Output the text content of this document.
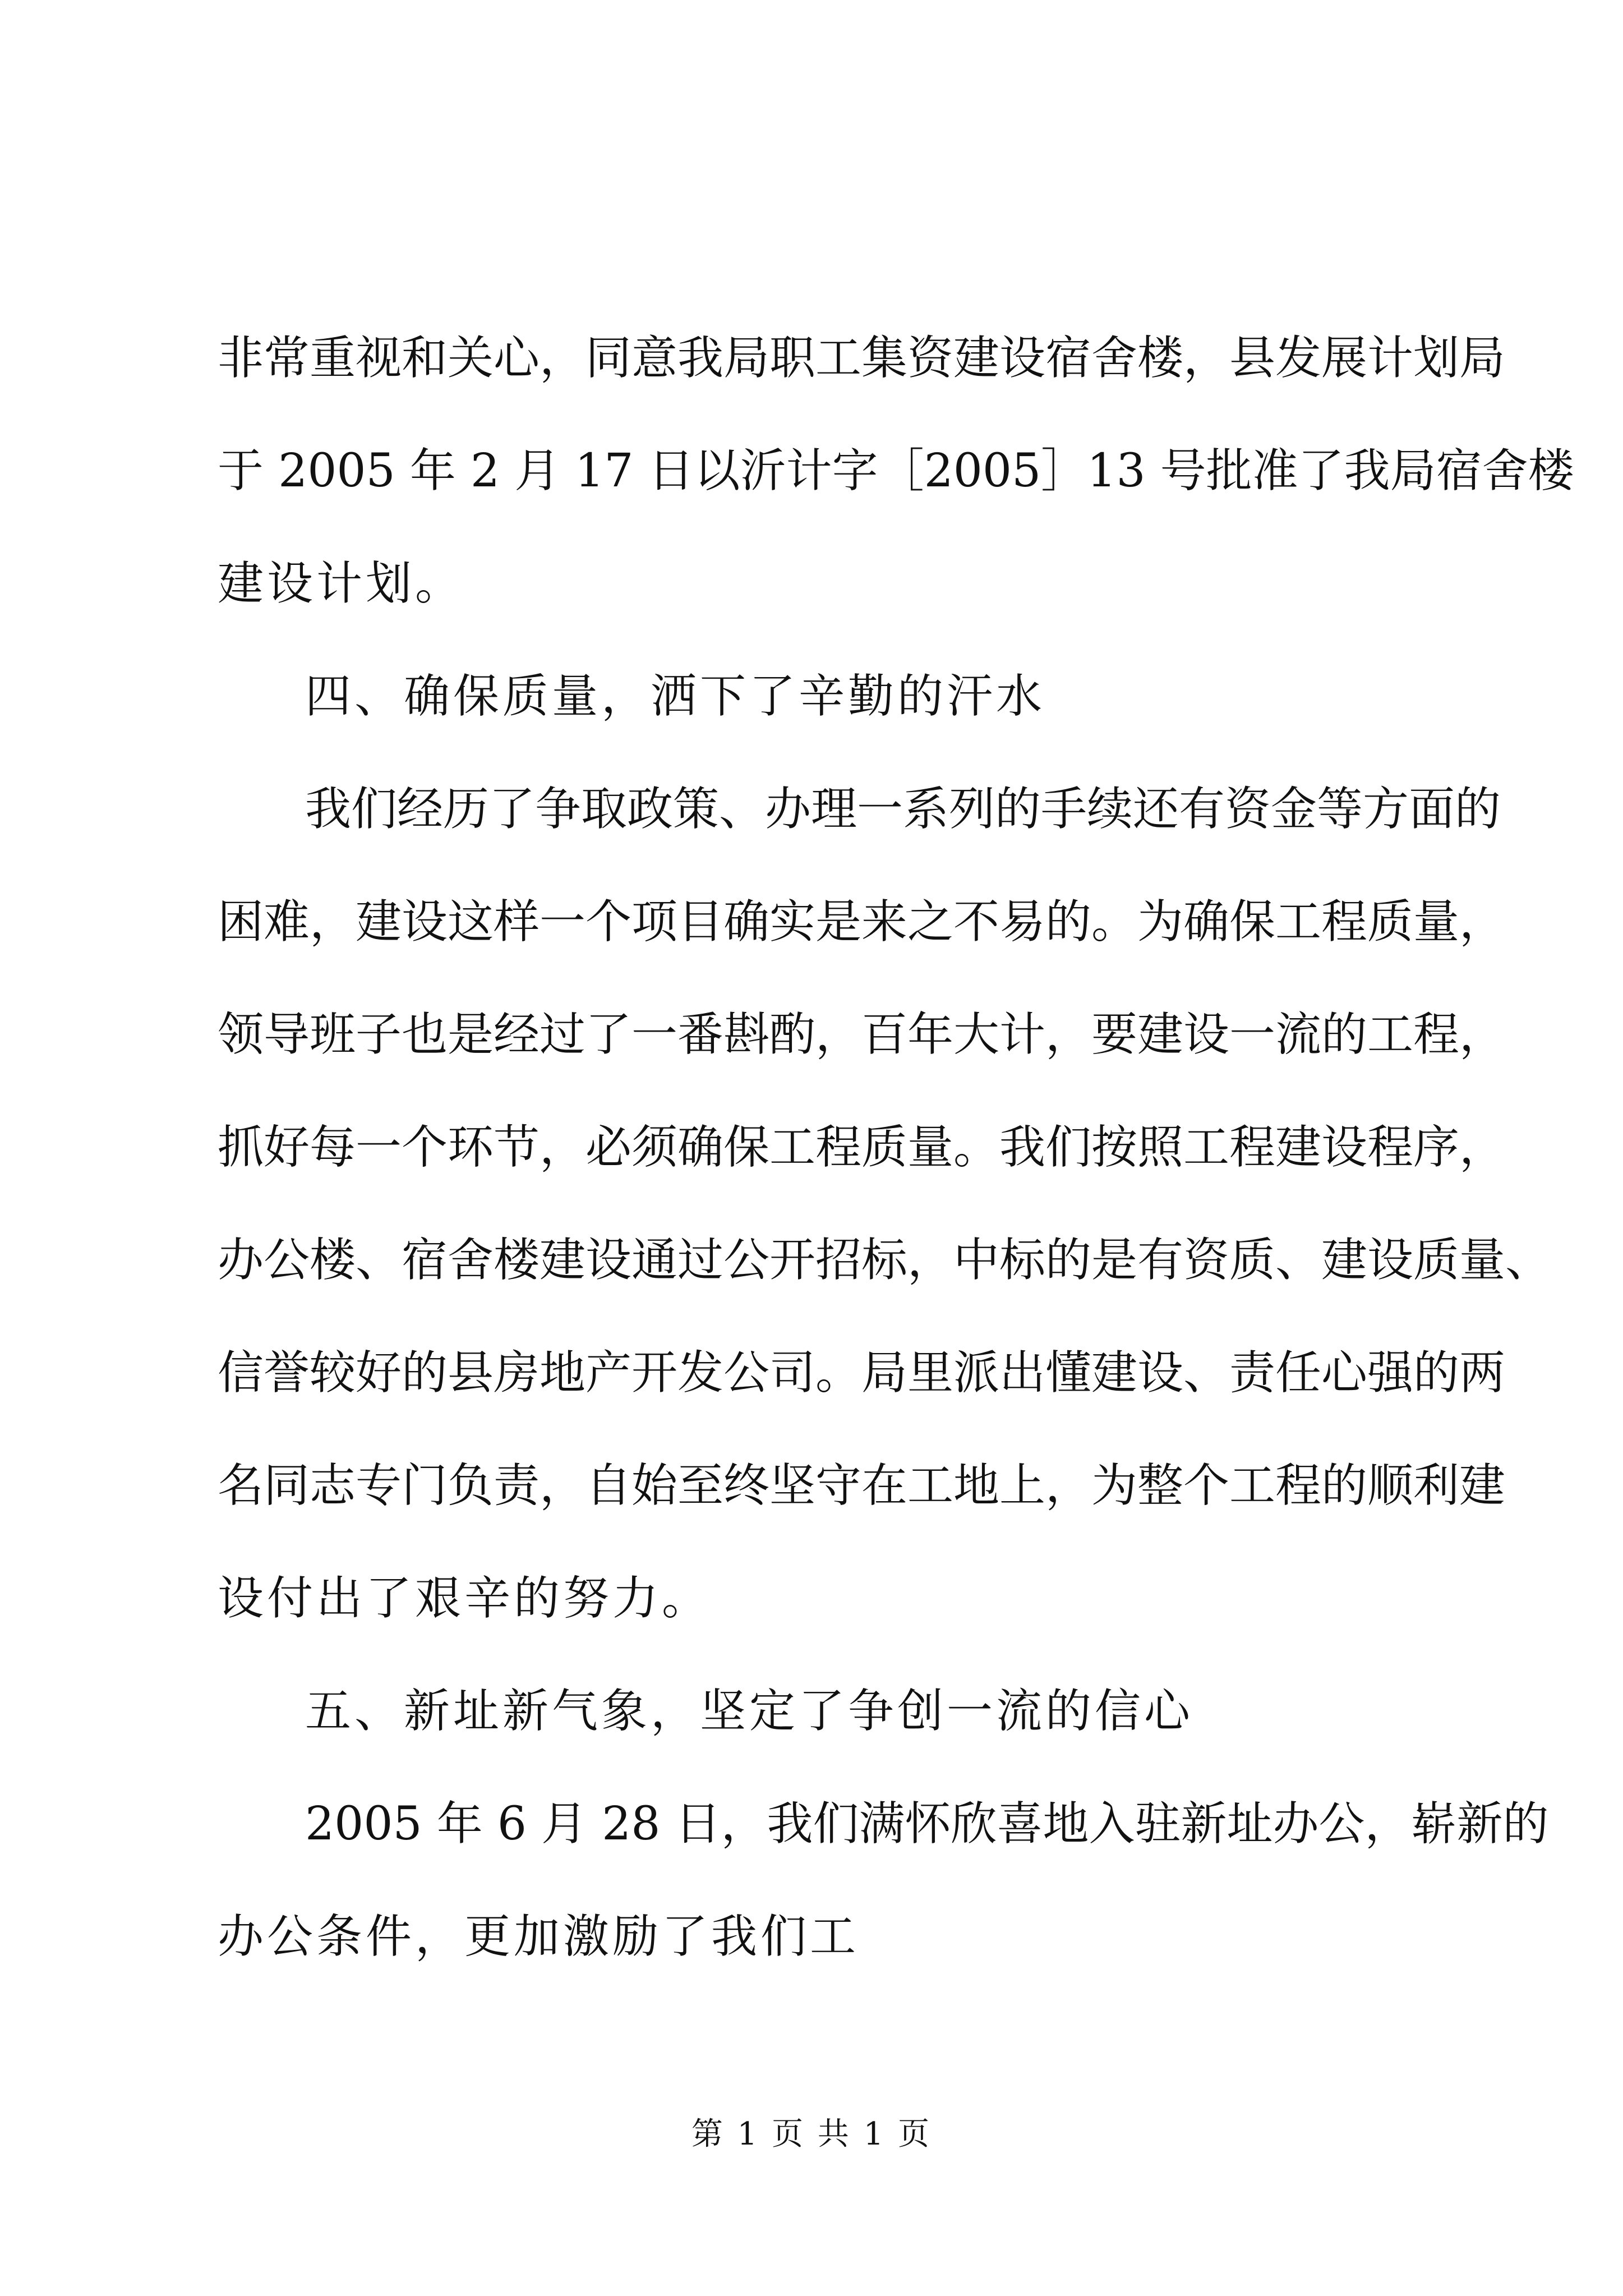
非常重视和关心，同意我局职工集资建设宿舍楼，县发展计划局
于 2005 年 2 月 17 日以沂计字［2005］13 号批准了我局宿舍楼
建设计划。
四、确保质量，洒下了辛勤的汗水
我们经历了争取政策、办理一系列的手续还有资金等方面的
困难，建设这样一个项目确实是来之不易的。为确保工程质量，
领导班子也是经过了一番斟酌，百年大计，要建设一流的工程，
抓好每一个环节，必须确保工程质量。我们按照工程建设程序，
办公楼、宿舍楼建设通过公开招标，中标的是有资质、建设质量、
信誉较好的县房地产开发公司。局里派出懂建设、责任心强的两
名同志专门负责，自始至终坚守在工地上，为整个工程的顺利建
设付出了艰辛的努力。
五、新址新气象，坚定了争创一流的信心
2005 年 6 月 28 日，我们满怀欣喜地入驻新址办公，崭新的
办公条件，更加激励了我们工
第 1 页 共 1 页
